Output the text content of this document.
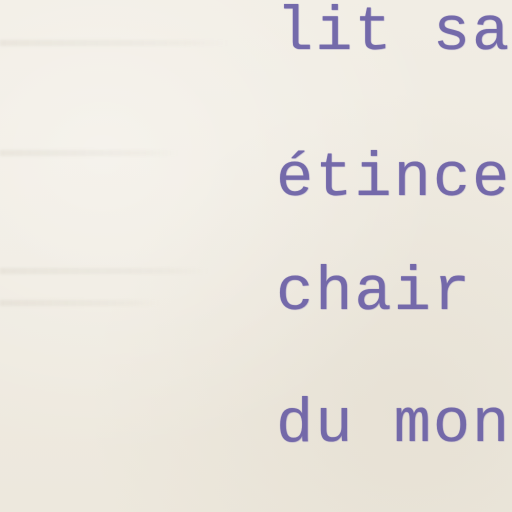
lit sa

étince

chair

du mon
